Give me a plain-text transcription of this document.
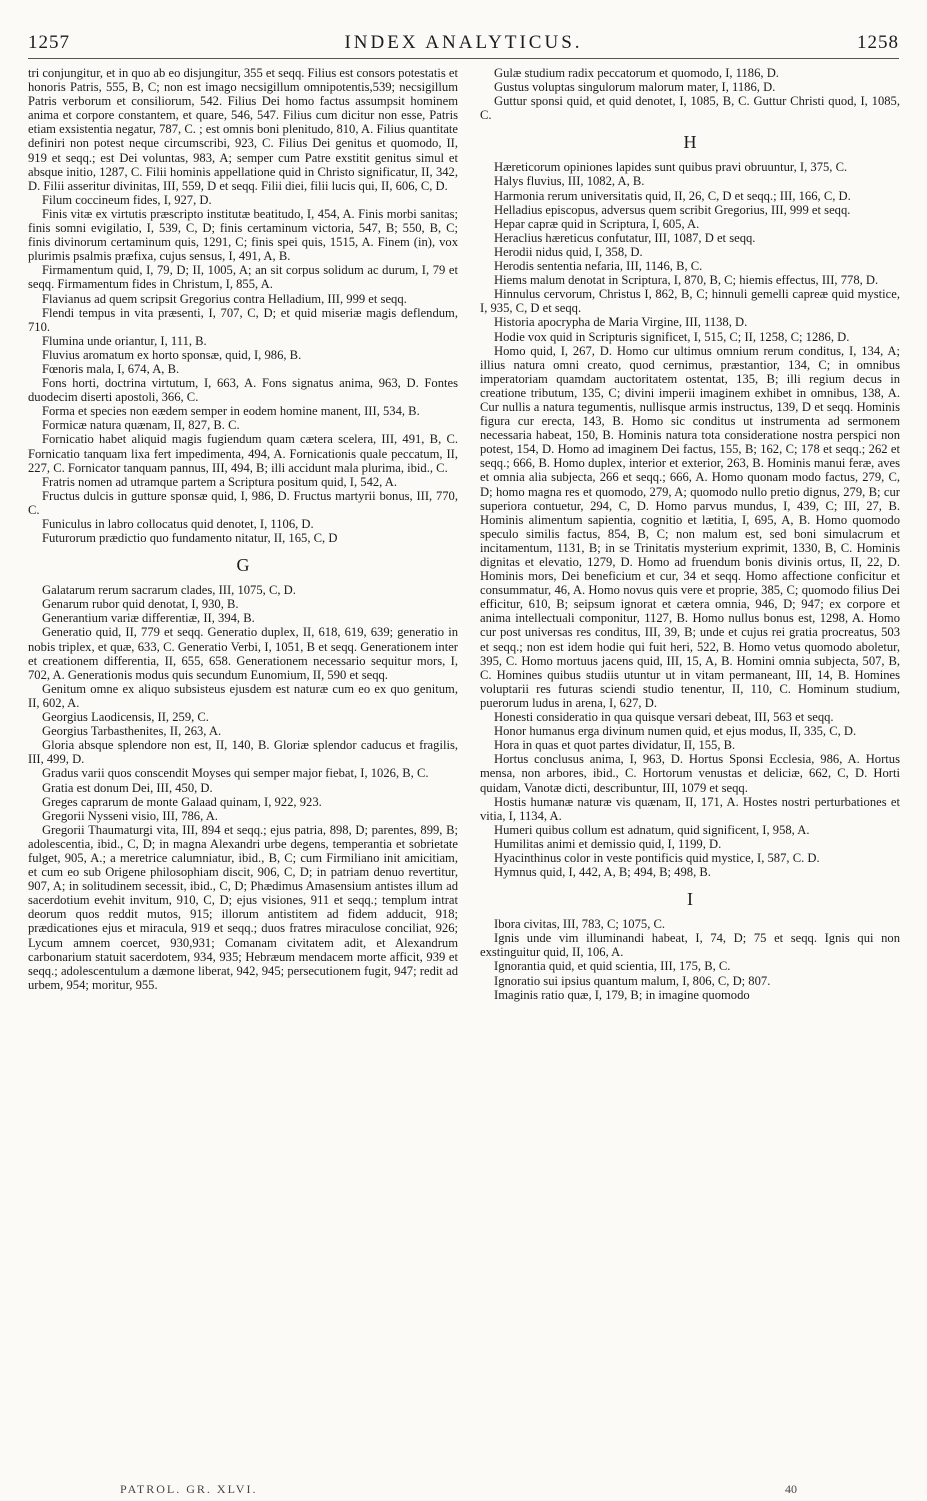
1257	INDEX ANALYTICUS.	1258

tri conjungitur, et in quo ab eo disjungitur, 355 et seqq. Filius est consors potestatis et honoris Patris, 555, B, C; non est imago necsigillum omnipotentis,539; necsigillum Patris verborum et consiliorum, 542. Filius Dei homo factus assumpsit hominem anima et corpore constantem, et quare, 546, 547. Filius cum dicitur non esse, Patris etiam exsistentia negatur, 787, C. ; est omnis boni plenitudo, 810, A. Filius quantitate definiri non potest neque circumscribi, 923, C. Filius Dei genitus et quomodo, II, 919 et seqq.; est Dei voluntas, 983, A; semper cum Patre exstitit genitus simul et absque initio, 1287, C. Filii hominis appellatione quid in Christo significatur, II, 342, D. Filii asseritur divinitas, III, 559, D et seqq. Filii diei, filii lucis qui, II, 606, C, D.

Filum coccineum fides, I, 927, D.

Finis vitæ ex virtutis præscripto institutæ beatitudo, I, 454, A. Finis morbi sanitas; finis somni evigilatio, I, 539, C, D; finis certaminum victoria, 547, B; 550, B, C; finis divinorum certaminum quis, 1291, C; finis spei quis, 1515, A. Finem (in), vox plurimis psalmis præfixa, cujus sensus, I, 491, A, B.

Firmamentum quid, I, 79, D; II, 1005, A; an sit corpus solidum ac durum, I, 79 et seqq. Firmamentum fides in Christum, I, 855, A.

Flavianus ad quem scripsit Gregorius contra Helladium, III, 999 et seqq.

Flendi tempus in vita præsenti, I, 707, C, D; et quid miseriæ magis deflendum, 710.

Flumina unde oriantur, I, 111, B.

Fluvius aromatum ex horto sponsæ, quid, I, 986, B.

Fœnoris mala, I, 674, A, B.

Fons horti, doctrina virtutum, I, 663, A. Fons signatus anima, 963, D. Fontes duodecim diserti apostoli, 366, C.

Forma et species non eædem semper in eodem homine manent, III, 534, B.

Formicæ natura quænam, II, 827, B. C.

Fornicatio habet aliquid magis fugiendum quam cætera scelera, III, 491, B, C. Fornicatio tanquam lixa fert impedimenta, 494, A. Fornicationis quale peccatum, II, 227, C. Fornicator tanquam pannus, III, 494, B; illi accidunt mala plurima, ibid., C.

Fratris nomen ad utramque partem a Scriptura positum quid, I, 542, A.

Fructus dulcis in gutture sponsæ quid, I, 986, D. Fructus martyrii bonus, III, 770, C.

Funiculus in labro collocatus quid denotet, I, 1106, D.

Futurorum prædictio quo fundamento nitatur, II, 165, C, D

G

Galatarum rerum sacrarum clades, III, 1075, C, D.

Genarum rubor quid denotat, I, 930, B.

Generantium variæ differentiæ, II, 394, B.

Generatio quid, II, 779 et seqq. Generatio duplex, II, 618, 619, 639; generatio in nobis triplex, et quæ, 633, C. Generatio Verbi, I, 1051, B et seqq. Generationem inter et creationem differentia, II, 655, 658. Generationem necessario sequitur mors, I, 702, A. Generationis modus quis secundum Eunomium, II, 590 et seqq.

Genitum omne ex aliquo subsisteus ejusdem est naturæ cum eo ex quo genitum, II, 602, A.

Georgius Laodicensis, II, 259, C.

Georgius Tarbasthenites, II, 263, A.

Gloria absque splendore non est, II, 140, B. Gloriæ splendor caducus et fragilis, III, 499, D.

Gradus varii quos conscendit Moyses qui semper major fiebat, I, 1026, B, C.

Gratia est donum Dei, III, 450, D.

Greges caprarum de monte Galaad quinam, I, 922, 923.

Gregorii Nysseni visio, III, 786, A.

Gregorii Thaumaturgi vita, III, 894 et seqq.; ejus patria, 898, D; parentes, 899, B; adolescentia, ibid., C, D; in magna Alexandri urbe degens, temperantia et sobrietate fulget, 905, A.; a meretrice calumniatur, ibid., B, C; cum Firmiliano init amicitiam, et cum eo sub Origene philosophiam discit, 906, C, D; in patriam denuo revertitur, 907, A; in solitudinem secessit, ibid., C, D; Phædimus Amasensium antistes illum ad sacerdotium evehit invitum, 910, C, D; ejus visiones, 911 et seqq.; templum intrat deorum quos reddit mutos, 915; illorum antistitem ad fidem adducit, 918; prædicationes ejus et miracula, 919 et seqq.; duos fratres miraculose conciliat, 926; Lycum amnem coercet, 930,931; Comanam civitatem adit, et Alexandrum carbonarium statuit sacerdotem, 934, 935; Hebræum mendacem morte afficit, 939 et seqq.; adolescentulum a dæmone liberat, 942, 945; persecutionem fugit, 947; redit ad urbem, 954; moritur, 955.

Gulæ studium radix peccatorum et quomodo, I, 1186, D.

Gustus voluptas singulorum malorum mater, I, 1186, D.

Guttur sponsi quid, et quid denotet, I, 1085, B, C. Guttur Christi quod, I, 1085, C.

H

Hæreticorum opiniones lapides sunt quibus pravi obruuntur, I, 375, C.

Halys fluvius, III, 1082, A, B.

Harmonia rerum universitatis quid, II, 26, C, D et seqq.; III, 166, C, D.

Helladius episcopus, adversus quem scribit Gregorius, III, 999 et seqq.

Hepar capræ quid in Scriptura, I, 605, A.

Heraclius hæreticus confutatur, III, 1087, D et seqq.

Herodii nidus quid, I, 358, D.

Herodis sententia nefaria, III, 1146, B, C.

Hiems malum denotat in Scriptura, I, 870, B, C; hiemis effectus, III, 778, D.

Hinnulus cervorum, Christus I, 862, B, C; hinnuli gemelli capreæ quid mystice, I, 935, C, D et seqq.

Historia apocrypha de Maria Virgine, III, 1138, D.

Hodie vox quid in Scripturis significet, I, 515, C; II, 1258, C; 1286, D.

Homo quid, I, 267, D. Homo cur ultimus omnium rerum conditus, I, 134, A; illius natura omni creato, quod cernimus, præstantior, 134, C; in omnibus imperatoriam quamdam auctoritatem ostentat, 135, B; illi regium decus in creatione tributum, 135, C; divini imperii imaginem exhibet in omnibus, 138, A. Cur nullis a natura tegumentis, nullisque armis instructus, 139, D et seqq. Hominis figura cur erecta, 143, B. Homo sic conditus ut instrumenta ad sermonem necessaria habeat, 150, B. Hominis natura tota consideratione nostra perspici non potest, 154, D. Homo ad imaginem Dei factus, 155, B; 162, C; 178 et seqq.; 262 et seqq.; 666, B. Homo duplex, interior et exterior, 263, B. Hominis manui feræ, aves et omnia alia subjecta, 266 et seqq.; 666, A. Homo quonam modo factus, 279, C, D; homo magna res et quomodo, 279, A; quomodo nullo pretio dignus, 279, B; cur superiora contuetur, 294, C, D. Homo parvus mundus, I, 439, C; III, 27, B. Hominis alimentum sapientia, cognitio et lætitia, I, 695, A, B. Homo quomodo speculo similis factus, 854, B, C; non malum est, sed boni simulacrum et incitamentum, 1131, B; in se Trinitatis mysterium exprimit, 1330, B, C. Hominis dignitas et elevatio, 1279, D. Homo ad fruendum bonis divinis ortus, II, 22, D. Hominis mors, Dei beneficium et cur, 34 et seqq. Homo affectione conficitur et consummatur, 46, A. Homo novus quis vere et proprie, 385, C; quomodo filius Dei efficitur, 610, B; seipsum ignorat et cætera omnia, 946, D; 947; ex corpore et anima intellectuali componitur, 1127, B. Homo nullus bonus est, 1298, A. Homo cur post universas res conditus, III, 39, B; unde et cujus rei gratia procreatus, 503 et seqq.; non est idem hodie qui fuit heri, 522, B. Homo vetus quomodo aboletur, 395, C. Homo mortuus jacens quid, III, 15, A, B. Homini omnia subjecta, 507, B, C. Homines quibus studiis utuntur ut in vitam permaneant, III, 14, B. Homines voluptarii res futuras sciendi studio tenentur, II, 110, C. Hominum studium, puerorum ludus in arena, I, 627, D.

Honesti consideratio in qua quisque versari debeat, III, 563 et seqq.

Honor humanus erga divinum numen quid, et ejus modus, II, 335, C, D.

Hora in quas et quot partes dividatur, II, 155, B.

Hortus conclusus anima, I, 963, D. Hortus Sponsi Ecclesia, 986, A. Hortus mensa, non arbores, ibid., C. Hortorum venustas et deliciæ, 662, C, D. Horti quidam, Vanotæ dicti, describuntur, III, 1079 et seqq.

Hostis humanæ naturæ vis quænam, II, 171, A. Hostes nostri perturbationes et vitia, I, 1134, A.

Humeri quibus collum est adnatum, quid significent, I, 958, A.

Humilitas animi et demissio quid, I, 1199, D.

Hyacinthinus color in veste pontificis quid mystice, I, 587, C. D.

Hymnus quid, I, 442, A, B; 494, B; 498, B.

I

Ibora civitas, III, 783, C; 1075, C.

Ignis unde vim illuminandi habeat, I, 74, D; 75 et seqq. Ignis qui non exstinguitur quid, II, 106, A.

Ignorantia quid, et quid scientia, III, 175, B, C.

Ignoratio sui ipsius quantum malum, I, 806, C, D; 807.

Imaginis ratio quæ, I, 179, B; in imagine quomodo

PATROL. GR. XLVI.	40
